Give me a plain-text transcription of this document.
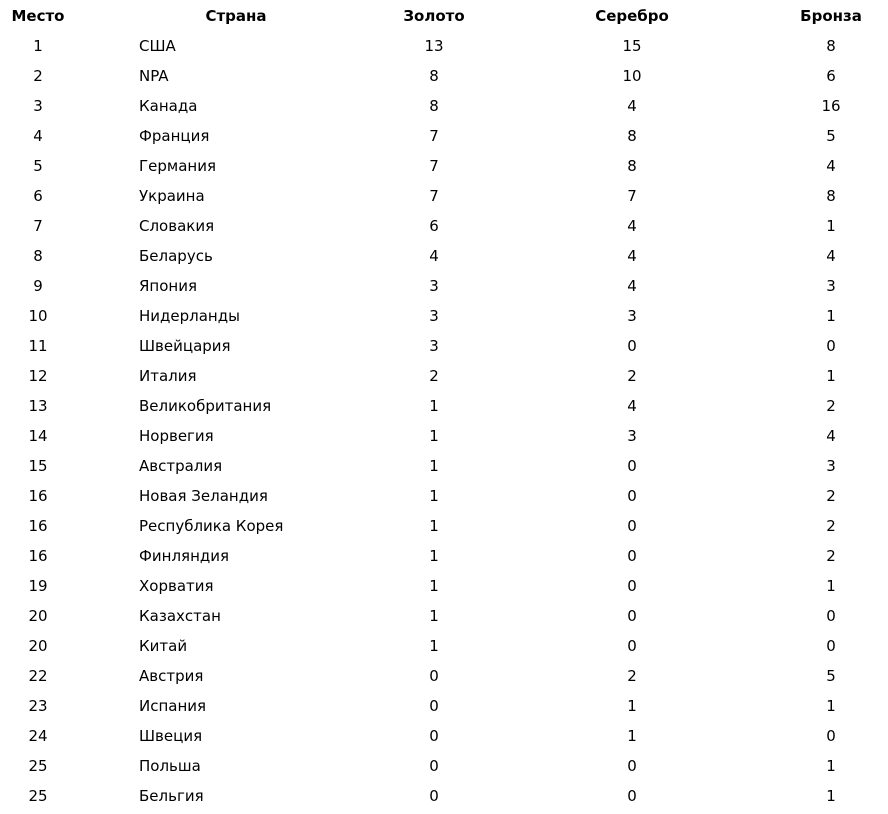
Место	Страна	Золото	Серебро	Бронза
1	США	13	15	8
2	NPA	8	10	6
3	Канада	8	4	16
4	Франция	7	8	5
5	Германия	7	8	4
6	Украина	7	7	8
7	Словакия	6	4	1
8	Беларусь	4	4	4
9	Япония	3	4	3
10	Нидерланды	3	3	1
11	Швейцария	3	0	0
12	Италия	2	2	1
13	Великобритания	1	4	2
14	Норвегия	1	3	4
15	Австралия	1	0	3
16	Новая Зеландия	1	0	2
16	Республика Корея	1	0	2
16	Финляндия	1	0	2
19	Хорватия	1	0	1
20	Казахстан	1	0	0
20	Китай	1	0	0
22	Австрия	0	2	5
23	Испания	0	1	1
24	Швеция	0	1	0
25	Польша	0	0	1
25	Бельгия	0	0	1
